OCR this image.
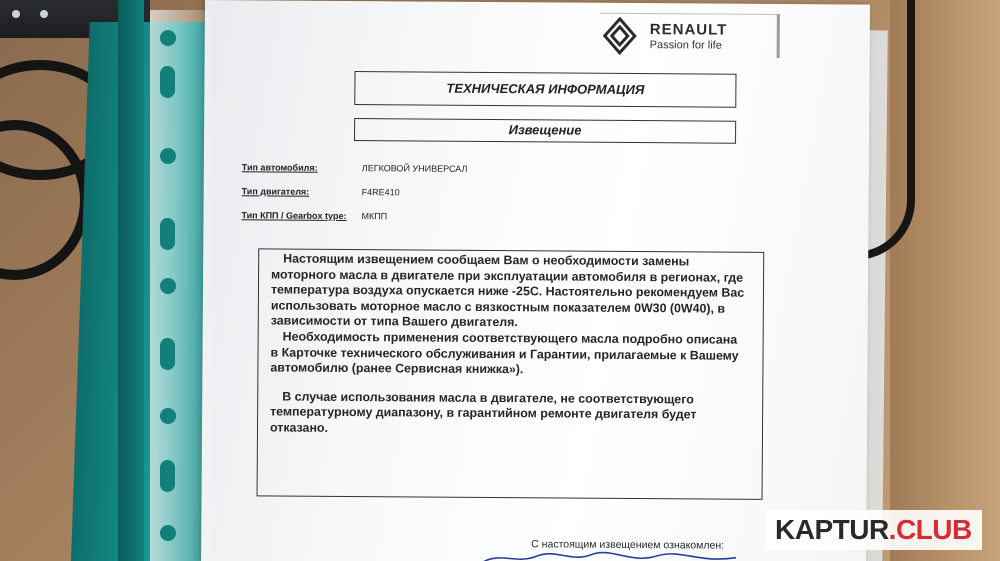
RENAULT
Passion for life
ТЕХНИЧЕСКАЯ ИНФОРМАЦИЯ
Извещение
Тип автомобиля:	ЛЕГКОВОЙ УНИВЕРСАЛ
Тип двигателя:	F4RE410
Тип КПП / Gearbox type: МКПП

Настоящим извещением сообщаем Вам о необходимости замены моторного масла в двигателе при эксплуатации автомобиля в регионах, где температура воздуха опускается ниже -25С. Настоятельно рекомендуем Вас использовать моторное масло с вязкостным показателем 0W30 (0W40), в зависимости от типа Вашего двигателя.

Необходимость применения соответствующего масла подробно описана в Карточке технического обслуживания и Гарантии, прилагаемые к Вашему автомобилю (ранее Сервисная книжка»).

В случае использования масла в двигателе, не соответствующего температурному диапазону, в гарантийном ремонте двигателя будет отказано.

С настоящим извещением ознакомлен: KAPTUR .CLUB
